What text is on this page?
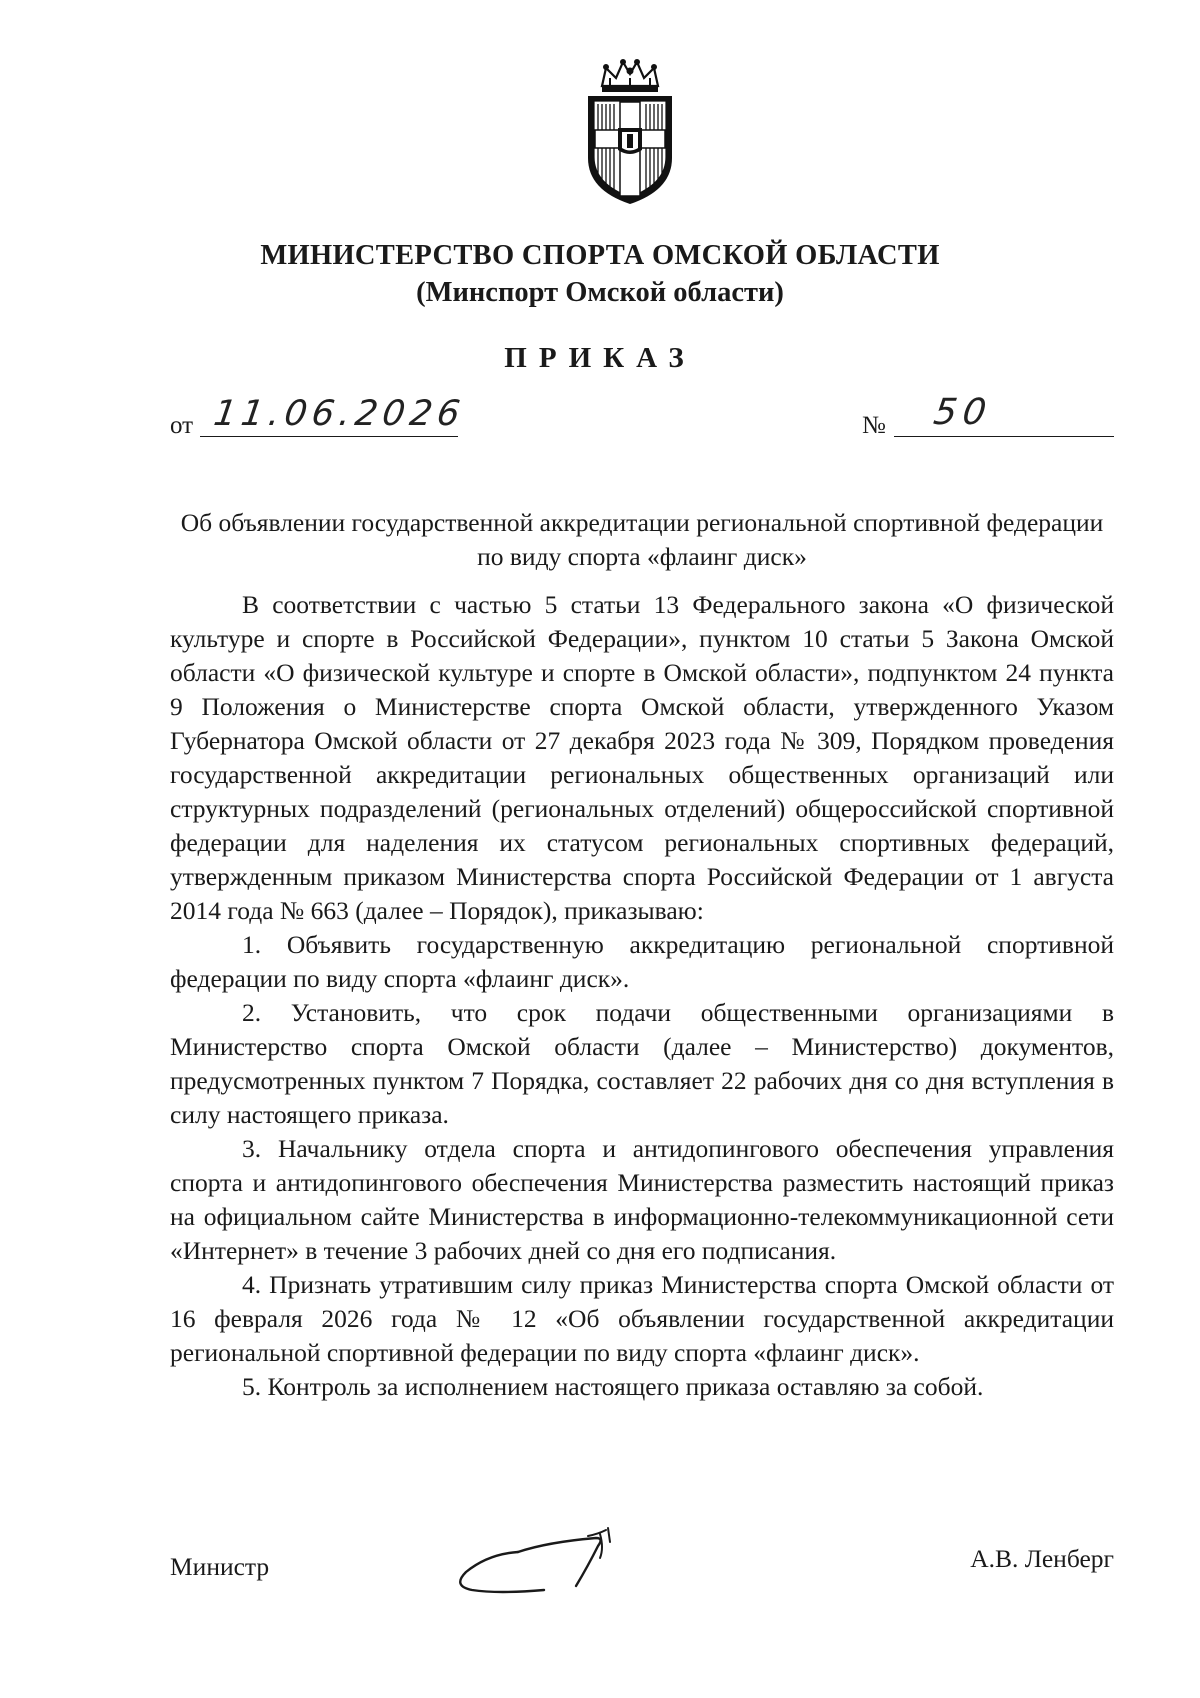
МИНИСТЕРСТВО СПОРТА ОМСКОЙ ОБЛАСТИ
(Минспорт Омской области)
ПРИКАЗ
от 11.06.2026	№ 50
Об объявлении государственной аккредитации региональной спортивной федерации по виду спорта «флаинг диск»

В соответствии с частью 5 статьи 13 Федерального закона «О физической культуре и спорте в Российской Федерации», пунктом 10 статьи 5 Закона Омской области «О физической культуре и спорте в Омской области», подпунктом 24 пункта 9 Положения о Министерстве спорта Омской области, утвержденного Указом Губернатора Омской области от 27 декабря 2023 года № 309, Порядком проведения государственной аккредитации региональных общественных организаций или структурных подразделений (региональных отделений) общероссийской спортивной федерации для наделения их статусом региональных спортивных федераций, утвержденным приказом Министерства спорта Российской Федерации от 1 августа 2014 года № 663 (далее – Порядок), приказываю:

1. Объявить государственную аккредитацию региональной спортивной федерации по виду спорта «флаинг диск».

2. Установить, что срок подачи общественными организациями в Министерство спорта Омской области (далее – Министерство) документов, предусмотренных пунктом 7 Порядка, составляет 22 рабочих дня со дня вступления в силу настоящего приказа.

3. Начальнику отдела спорта и антидопингового обеспечения управления спорта и антидопингового обеспечения Министерства разместить настоящий приказ на официальном сайте Министерства в информационно-телекоммуникационной сети «Интернет» в течение 3 рабочих дней со дня его подписания.

4. Признать утратившим силу приказ Министерства спорта Омской области от 16 февраля 2026 года № 12 «Об объявлении государственной аккредитации региональной спортивной федерации по виду спорта «флаинг диск».

5. Контроль за исполнением настоящего приказа оставляю за собой.

Министр	А.В. Ленберг
